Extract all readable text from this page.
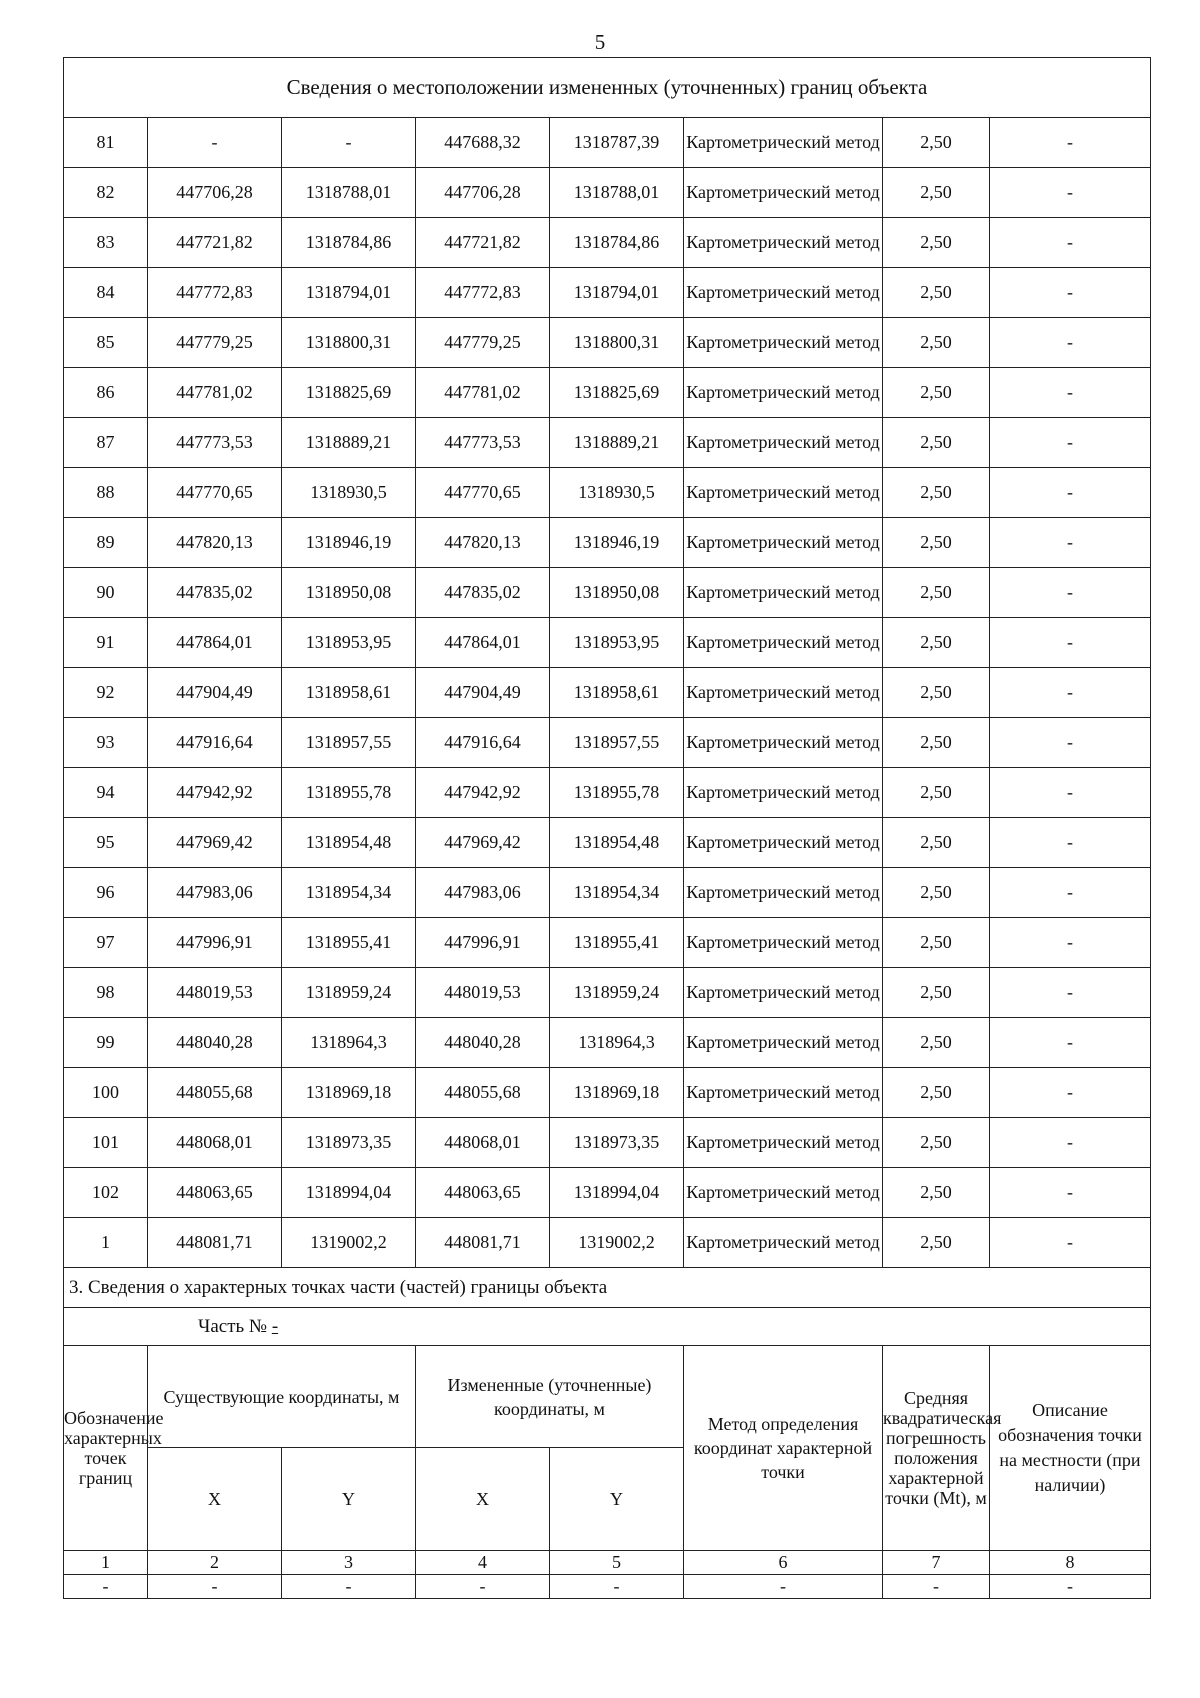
5
Сведения о местоположении измененных (уточненных) границ объекта							
81	-	-	447688,32	1318787,39	Картометрический метод	2,50	-
82	447706,28	1318788,01	447706,28	1318788,01	Картометрический метод	2,50	-
83	447721,82	1318784,86	447721,82	1318784,86	Картометрический метод	2,50	-
84	447772,83	1318794,01	447772,83	1318794,01	Картометрический метод	2,50	-
85	447779,25	1318800,31	447779,25	1318800,31	Картометрический метод	2,50	-
86	447781,02	1318825,69	447781,02	1318825,69	Картометрический метод	2,50	-
87	447773,53	1318889,21	447773,53	1318889,21	Картометрический метод	2,50	-
88	447770,65	1318930,5	447770,65	1318930,5	Картометрический метод	2,50	-
89	447820,13	1318946,19	447820,13	1318946,19	Картометрический метод	2,50	-
90	447835,02	1318950,08	447835,02	1318950,08	Картометрический метод	2,50	-
91	447864,01	1318953,95	447864,01	1318953,95	Картометрический метод	2,50	-
92	447904,49	1318958,61	447904,49	1318958,61	Картометрический метод	2,50	-
93	447916,64	1318957,55	447916,64	1318957,55	Картометрический метод	2,50	-
94	447942,92	1318955,78	447942,92	1318955,78	Картометрический метод	2,50	-
95	447969,42	1318954,48	447969,42	1318954,48	Картометрический метод	2,50	-
96	447983,06	1318954,34	447983,06	1318954,34	Картометрический метод	2,50	-
97	447996,91	1318955,41	447996,91	1318955,41	Картометрический метод	2,50	-
98	448019,53	1318959,24	448019,53	1318959,24	Картометрический метод	2,50	-
99	448040,28	1318964,3	448040,28	1318964,3	Картометрический метод	2,50	-
100	448055,68	1318969,18	448055,68	1318969,18	Картометрический метод	2,50	-
101	448068,01	1318973,35	448068,01	1318973,35	Картометрический метод	2,50	-
102	448063,65	1318994,04	448063,65	1318994,04	Картометрический метод	2,50	-
1	448081,71	1319002,2	448081,71	1319002,2	Картометрический метод	2,50	-
3. Сведения о характерных точках части (частей) границы объекта							
Часть № -							
Обозначение характерных точек границ	Существующие координаты, м		Измененные (уточненные) координаты, м		Метод определения координат характерной точки	Средняя квадратическая погрешность положения характерной точки (Mt), м	Описание обозначения точки на местности (при наличии)
	X	Y	X	Y			
1	2	3	4	5	6	7	8
-	-	-	-	-	-	-	-
